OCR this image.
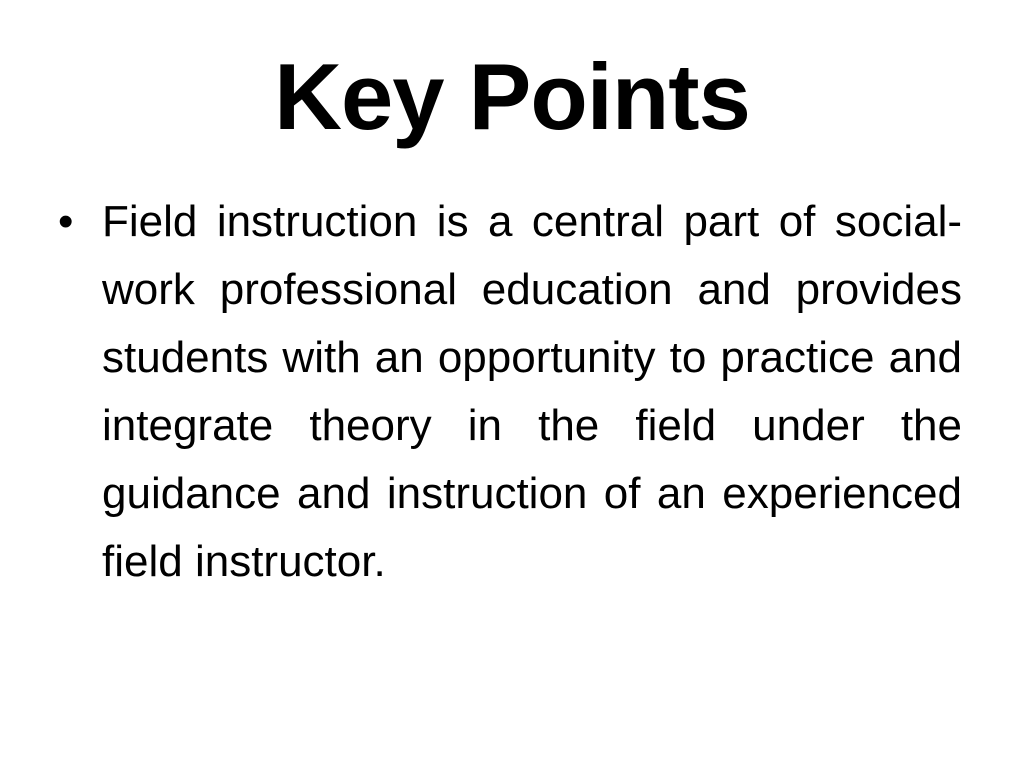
Key Points
• Field instruction is a central part of social-work professional education and provides students with an opportunity to practice and integrate theory in the field under the guidance and instruction of an experienced field instructor.
